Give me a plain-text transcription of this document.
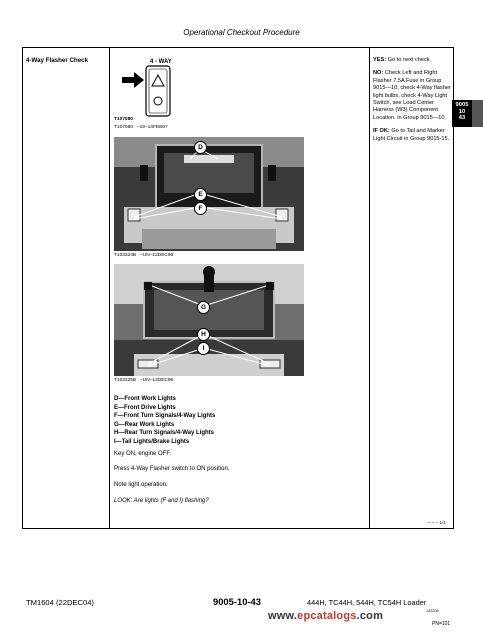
Operational Checkout Procedure
4-Way Flasher Check	4 - WAY
T107080
T107080 –19–14FEB97
D
E
F
T103324B –UN–12DEC96
G
H
I
T103325B –UN–12DEC96
D—Front Work Lights
E—Front Drive Lights
F—Front Turn Signals/4-Way Lights
G—Rear Work Lights
H—Rear Turn Signals/4-Way Lights
I—Tail Lights/Brake Lights
Key ON, engine OFF.
Press 4-Way Flasher switch to ON position.
Note light operation.
LOOK: Are lights (F and I) flashing?

YES: Go to next check.

NO: Check Left and Right Flasher 7.5A Fuse in Group 9015—10, check 4-Way flasher light bulbs, check 4-Way Light Switch, see Load Center Harness (W3) Component Location. in Group 9015—10.

IF OK: Go to Tail and Marker Light Circuit in Group 9015-15.

9005
10
43
– – – 1/1
TM1604 (22DEC04)	9005-10-43	444H, TC44H, 544H, TC54H Loader
122204
www.epcatalogs.com
PN=101
